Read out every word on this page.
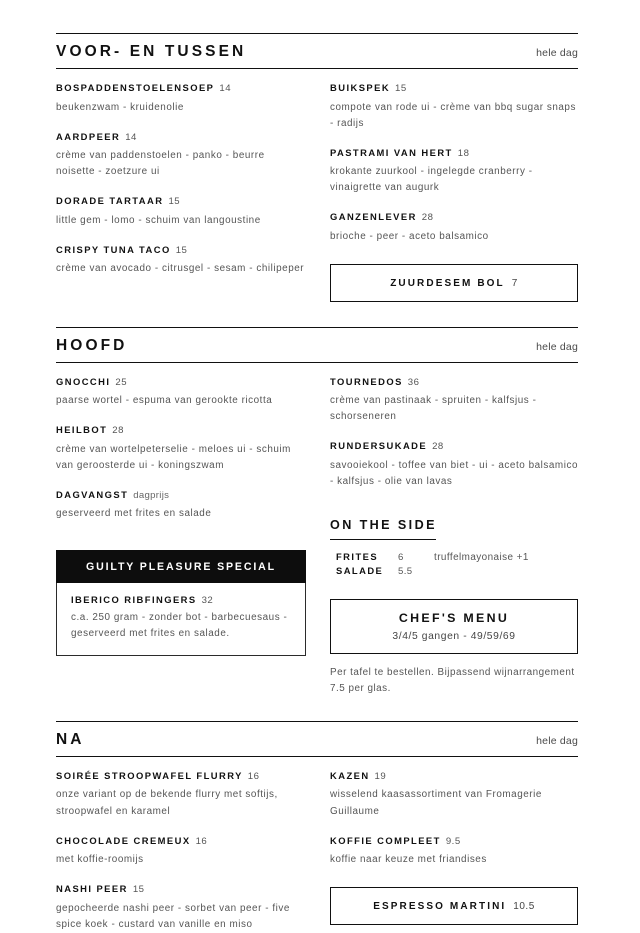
VOOR- EN TUSSEN	hele dag
BOSPADDENSTOELENSOEP 14
beukenzwam - kruidenolie
AARDPEER 14
crème van paddenstoelen - panko - beurre noisette - zoetzure ui
DORADE TARTAAR 15
little gem - lomo - schuim van langoustine
CRISPY TUNA TACO 15
crème van avocado - citrusgel - sesam - chilipeper
BUIKSPEK 15
compote van rode ui - crème van bbq sugar snaps - radijs
PASTRAMI VAN HERT 18
krokante zuurkool - ingelegde cranberry - vinaigrette van augurk
GANZENLEVER 28
brioche - peer - aceto balsamico
ZUURDESEM BOL 7
HOOFD	hele dag
GNOCCHI 25
paarse wortel - espuma van gerookte ricotta
HEILBOT 28
crème van wortelpeterselie - meloes ui - schuim van geroosterde ui - koningszwam
DAGVANGST dagprijs
geserveerd met frites en salade
GUILTY PLEASURE SPECIAL
IBERICO RIBFINGERS 32
c.a. 250 gram - zonder bot - barbecuesaus - geserveerd met frites en salade.
TOURNEDOS 36
crème van pastinaak - spruiten - kalfsjus - schorseneren
RUNDERSUKADE 28
savooiekool - toffee van biet - ui - aceto balsamico - kalfsjus - olie van lavas
ON THE SIDE
FRITES	6	truffelmayonaise +1
SALADE	5.5
CHEF'S MENU
3/4/5 gangen - 49/59/69
Per tafel te bestellen. Bijpassend wijnarrangement 7.5 per glas.
NA	hele dag
SOIRÉE STROOPWAFEL FLURRY 16
onze variant op de bekende flurry met softijs, stroopwafel en karamel
CHOCOLADE CREMEUX 16
met koffie-roomijs
NASHI PEER 15
gepocheerde nashi peer - sorbet van peer - five spice koek - custard van vanille en miso
KAZEN 19
wisselend kaasassortiment van Fromagerie Guillaume
KOFFIE COMPLEET 9.5
koffie naar keuze met friandises
ESPRESSO MARTINI 10.5
